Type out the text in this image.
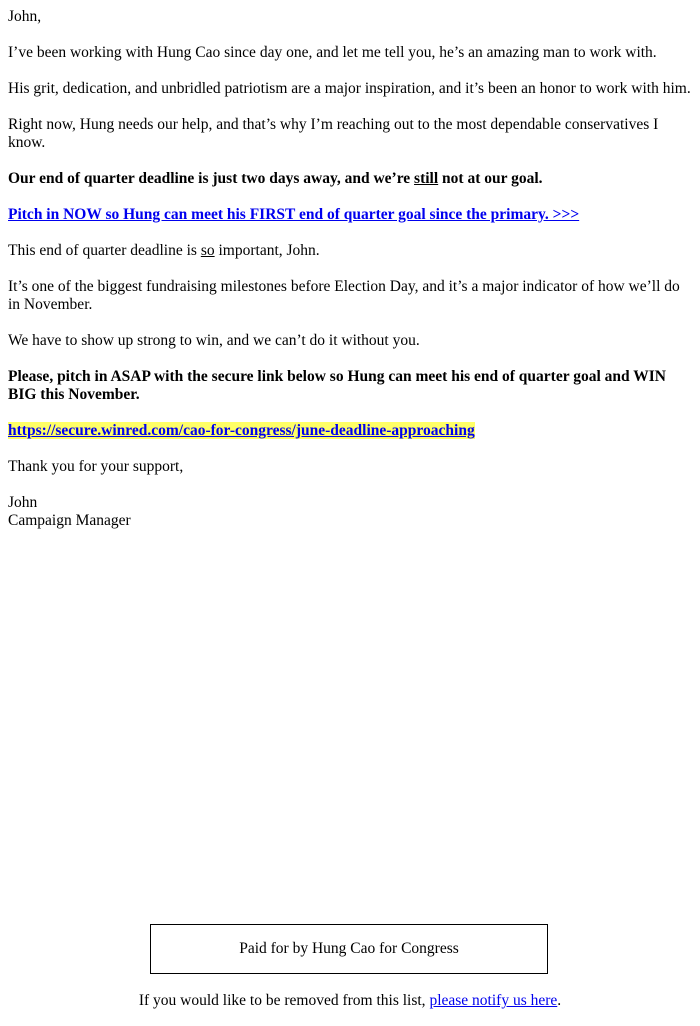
John,

I’ve been working with Hung Cao since day one, and let me tell you, he’s an amazing man to work with.

His grit, dedication, and unbridled patriotism are a major inspiration, and it’s been an honor to work with him.

Right now, Hung needs our help, and that’s why I’m reaching out to the most dependable conservatives I know.

Our end of quarter deadline is just two days away, and we’re still not at our goal.

Pitch in NOW so Hung can meet his FIRST end of quarter goal since the primary. >>>

This end of quarter deadline is so important, John.

It’s one of the biggest fundraising milestones before Election Day, and it’s a major indicator of how we’ll do in November.

We have to show up strong to win, and we can’t do it without you.

Please, pitch in ASAP with the secure link below so Hung can meet his end of quarter goal and WIN BIG this November.

https://secure.winred.com/cao-for-congress/june-deadline-approaching

Thank you for your support,

John

Campaign Manager

Paid for by Hung Cao for Congress
If you would like to be removed from this list, please notify us here.
